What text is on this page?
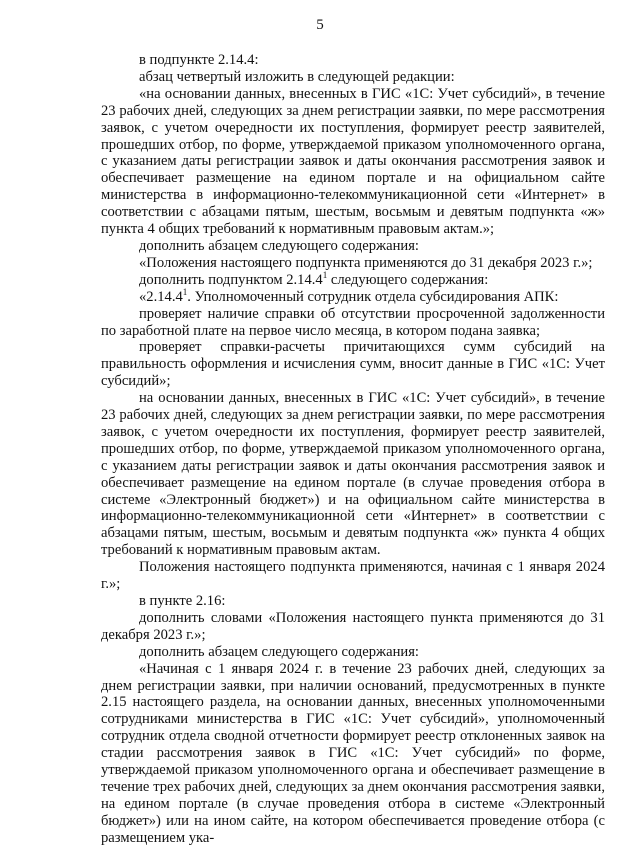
5

в подпункте 2.14.4:

абзац четвертый изложить в следующей редакции:

«на основании данных, внесенных в ГИС «1С: Учет субсидий», в течение 23 рабочих дней, следующих за днем регистрации заявки, по мере рассмотрения заявок, с учетом очередности их поступления, формирует реестр заявителей, прошедших отбор, по форме, утверждаемой приказом уполномоченного органа, с указанием даты регистрации заявок и даты окончания рассмотрения заявок и обеспечивает размещение на едином портале и на официальном сайте министерства в информационно-телекоммуникационной сети «Интернет» в соответствии с абзацами пятым, шестым, восьмым и девятым подпункта «ж» пункта 4 общих требований к нормативным правовым актам.»;

дополнить абзацем следующего содержания:

«Положения настоящего подпункта применяются до 31 декабря 2023 г.»;

дополнить подпунктом 2.14.4$^1$ следующего содержания:

«2.14.4$^1$. Уполномоченный сотрудник отдела субсидирования АПК:

проверяет наличие справки об отсутствии просроченной задолженности по заработной плате на первое число месяца, в котором подана заявка;

проверяет справки-расчеты причитающихся сумм субсидий на правильность оформления и исчисления сумм, вносит данные в ГИС «1С: Учет субсидий»;

на основании данных, внесенных в ГИС «1С: Учет субсидий», в течение 23 рабочих дней, следующих за днем регистрации заявки, по мере рассмотрения заявок, с учетом очередности их поступления, формирует реестр заявителей, прошедших отбор, по форме, утверждаемой приказом уполномоченного органа, с указанием даты регистрации заявок и даты окончания рассмотрения заявок и обеспечивает размещение на едином портале (в случае проведения отбора в системе «Электронный бюджет») и на официальном сайте министерства в информационно-телекоммуникационной сети «Интернет» в соответствии с абзацами пятым, шестым, восьмым и девятым подпункта «ж» пункта 4 общих требований к нормативным правовым актам.

Положения настоящего подпункта применяются, начиная с 1 января 2024 г.»;

в пункте 2.16:

дополнить словами «Положения настоящего пункта применяются до 31 декабря 2023 г.»;

дополнить абзацем следующего содержания:

«Начиная с 1 января 2024 г. в течение 23 рабочих дней, следующих за днем регистрации заявки, при наличии оснований, предусмотренных в пункте 2.15 настоящего раздела, на основании данных, внесенных уполномоченными сотрудниками министерства в ГИС «1С: Учет субсидий», уполномоченный сотрудник отдела сводной отчетности формирует реестр отклоненных заявок на стадии рассмотрения заявок в ГИС «1С: Учет субсидий» по форме, утверждаемой приказом уполномоченного органа и обеспечивает размещение в течение трех рабочих дней, следующих за днем окончания рассмотрения заявки, на едином портале (в случае проведения отбора в системе «Электронный бюджет») или на ином сайте, на котором обеспечивается проведение отбора (с размещением ука-
